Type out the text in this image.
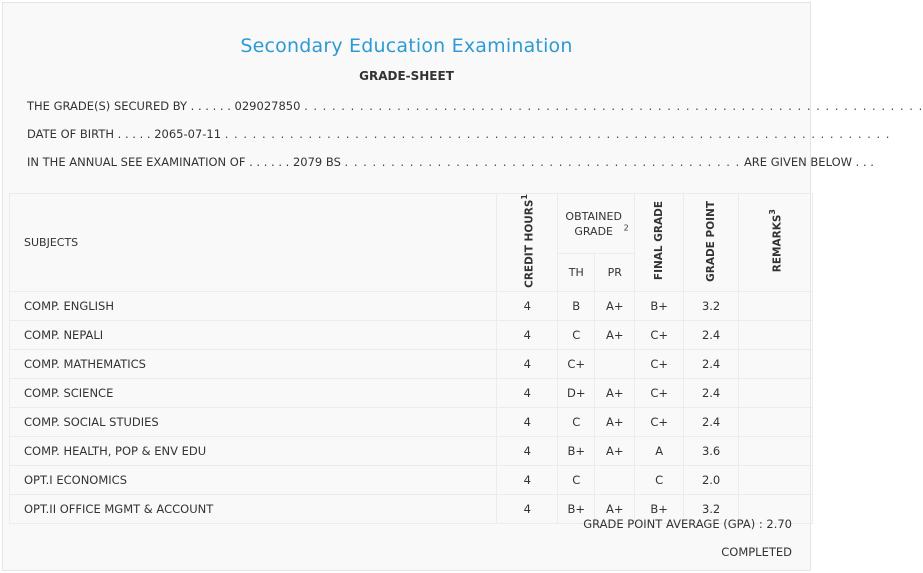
Secondary Education Examination
GRADE-SHEET
THE GRADE(S) SECURED BY . . . . . . 029027850 . . . . . . . . . . . . . . . . . . . . . . . . . . . . . . . . . . . . . . . . . . . . . . . . . . . . . . . . . . . . . . . . . . .
DATE OF BIRTH . . . . . 2065-07-11 . . . . . . . . . . . . . . . . . . . . . . . . . . . . . . . . . . . . . . . . . . . . . . . . . . . . . . . . . . . . . . . . . . . . . . . .
IN THE ANNUAL SEE EXAMINATION OF . . . . . . 2079 BS . . . . . . . . . . . . . . . . . . . . . . . . . . . . . . . . . . . . . . . . . . . ARE GIVEN BELOW . . .
SUBJECTS	CREDIT HOURS$^1$	OBTAINED GRADE $^2$		FINAL GRADE	GRADE POINT	REMARKS$^3$
		TH	PR			
COMP. ENGLISH	4	B	A+	B+	3.2	
COMP. NEPALI	4	C	A+	C+	2.4	
COMP. MATHEMATICS	4	C+		C+	2.4	
COMP. SCIENCE	4	D+	A+	C+	2.4	
COMP. SOCIAL STUDIES	4	C	A+	C+	2.4	
COMP. HEALTH, POP & ENV EDU	4	B+	A+	A	3.6	
OPT.I ECONOMICS	4	C		C	2.0	
OPT.II OFFICE MGMT & ACCOUNT	4	B+	A+	B+	3.2	
GRADE POINT AVERAGE (GPA) : 2.70
COMPLETED
